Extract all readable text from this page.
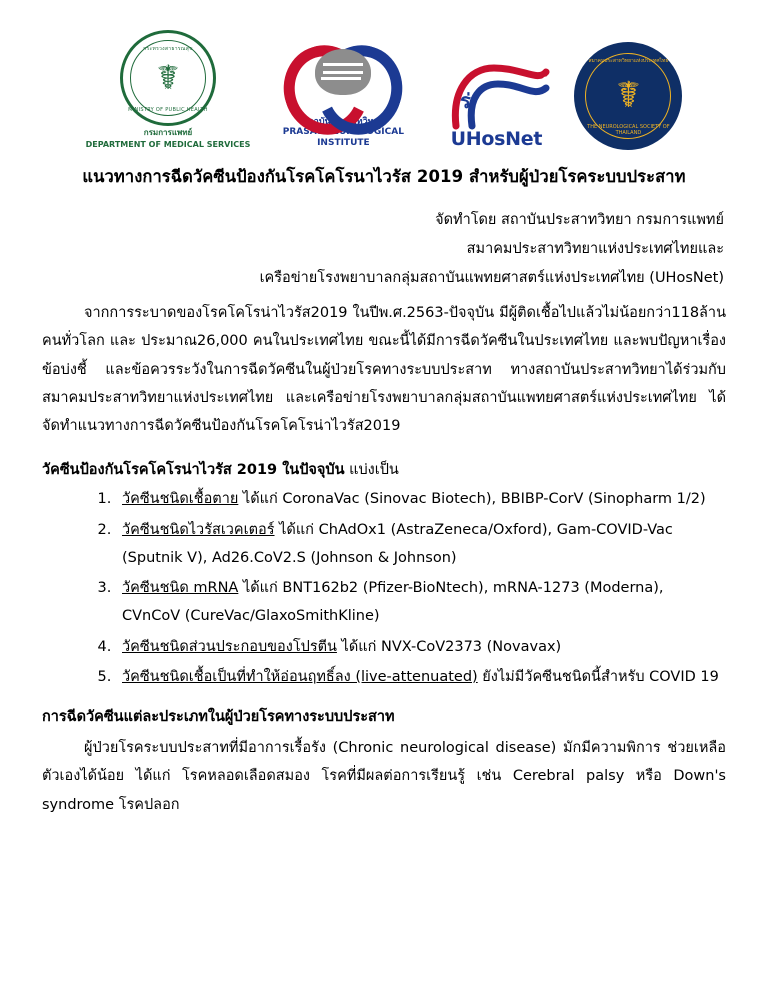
กระทรวงสาธารณสุข
☤
MINISTRY OF PUBLIC HEALTH
กรมการแพทย์
DEPARTMENT OF MEDICAL SERVICES
สถาบันประสาทวิทยา
PRASAT NEUROLOGICAL INSTITUTE
ร่
UHosNet
สมาคมประสาทวิทยาแห่งประเทศไทย
☤
THE NEUROLOGICAL SOCIETY OF THAILAND
แนวทางการฉีดวัคซีนป้องกันโรคโคโรนาไวรัส 2019 สำหรับผู้ป่วยโรคระบบประสาท
จัดทำโดย สถาบันประสาทวิทยา กรมการแพทย์
สมาคมประสาทวิทยาแห่งประเทศไทยและ
เครือข่ายโรงพยาบาลกลุ่มสถาบันแพทยศาสตร์แห่งประเทศไทย (UHosNet)

จากการระบาดของโรคโคโรน่าไวรัส2019 ในปีพ.ศ.2563-ปัจจุบัน มีผู้ติดเชื้อไปแล้วไม่น้อยกว่า118ล้านคนทั่วโลก และ ประมาณ26,000 คนในประเทศไทย ขณะนี้ได้มีการฉีดวัคซีนในประเทศไทย และพบปัญหาเรื่องข้อบ่งชี้ และข้อควรระวังในการฉีดวัคซีนในผู้ป่วยโรคทางระบบประสาท ทางสถาบันประสาทวิทยาได้ร่วมกับสมาคมประสาทวิทยาแห่งประเทศไทย และเครือข่ายโรงพยาบาลกลุ่มสถาบันแพทยศาสตร์แห่งประเทศไทย ได้จัดทำแนวทางการฉีดวัคซีนป้องกันโรคโคโรน่าไวรัส2019

วัคซีนป้องกันโรคโคโรน่าไวรัส 2019 ในปัจจุบัน แบ่งเป็น
1. วัคซีนชนิดเชื้อตาย ได้แก่ CoronaVac (Sinovac Biotech), BBIBP-CorV (Sinopharm 1/2)
2. วัคซีนชนิดไวรัสเวคเตอร์ ได้แก่ ChAdOx1 (AstraZeneca/Oxford), Gam-COVID-Vac (Sputnik V), Ad26.CoV2.S (Johnson & Johnson)
3. วัคซีนชนิด mRNA ได้แก่ BNT162b2 (Pfizer-BioNtech), mRNA-1273 (Moderna), CVnCoV (CureVac/GlaxoSmithKline)
4. วัคซีนชนิดส่วนประกอบของโปรตีน ได้แก่ NVX-CoV2373 (Novavax)
5. วัคซีนชนิดเชื้อเป็นที่ทำให้อ่อนฤทธิ์ลง (live-attenuated) ยังไม่มีวัคซีนชนิดนี้สำหรับ COVID 19
การฉีดวัคซีนแต่ละประเภทในผู้ป่วยโรคทางระบบประสาท

ผู้ป่วยโรคระบบประสาทที่มีอาการเรื้อรัง (Chronic neurological disease) มักมีความพิการ ช่วยเหลือตัวเองได้น้อย ได้แก่ โรคหลอดเลือดสมอง โรคที่มีผลต่อการเรียนรู้ เช่น Cerebral palsy หรือ Down's syndrome โรคปลอก
